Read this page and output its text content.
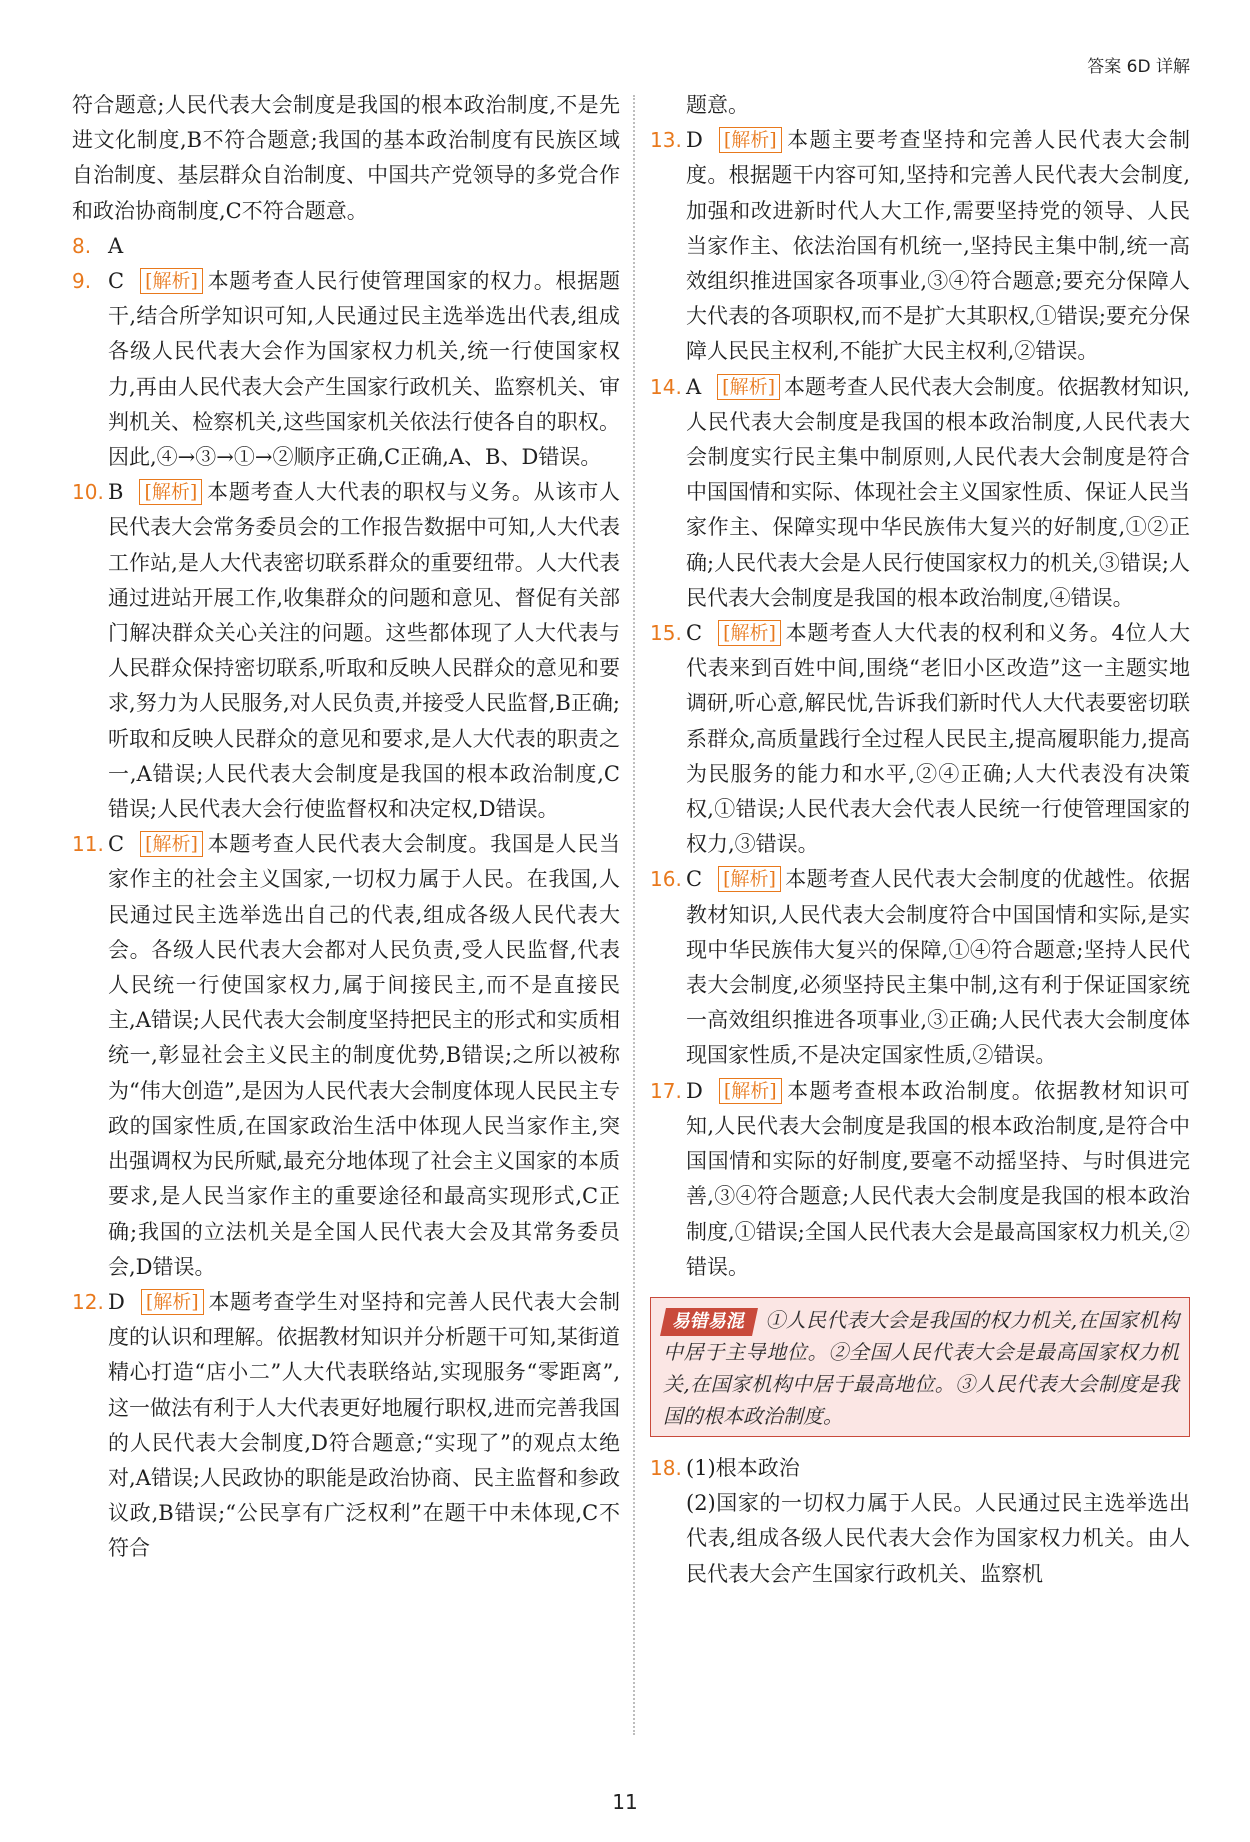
答案 6D 详解

符合题意;人民代表大会制度是我国的根本政治制度,不是先进文化制度,B不符合题意;我国的基本政治制度有民族区域自治制度、基层群众自治制度、中国共产党领导的多党合作和政治协商制度,C不符合题意。

8. A
9. C [解析] 本题考查人民行使管理国家的权力。根据题干,结合所学知识可知,人民通过民主选举选出代表,组成各级人民代表大会作为国家权力机关,统一行使国家权力,再由人民代表大会产生国家行政机关、监察机关、审判机关、检察机关,这些国家机关依法行使各自的职权。因此,④→③→①→②顺序正确,C正确,A、B、D错误。
10. B [解析] 本题考查人大代表的职权与义务。从该市人民代表大会常务委员会的工作报告数据中可知,人大代表工作站,是人大代表密切联系群众的重要纽带。人大代表通过进站开展工作,收集群众的问题和意见、督促有关部门解决群众关心关注的问题。这些都体现了人大代表与人民群众保持密切联系,听取和反映人民群众的意见和要求,努力为人民服务,对人民负责,并接受人民监督,B正确;听取和反映人民群众的意见和要求,是人大代表的职责之一,A错误;人民代表大会制度是我国的根本政治制度,C错误;人民代表大会行使监督权和决定权,D错误。
11. C [解析] 本题考查人民代表大会制度。我国是人民当家作主的社会主义国家,一切权力属于人民。在我国,人民通过民主选举选出自己的代表,组成各级人民代表大会。各级人民代表大会都对人民负责,受人民监督,代表人民统一行使国家权力,属于间接民主,而不是直接民主,A错误;人民代表大会制度坚持把民主的形式和实质相统一,彰显社会主义民主的制度优势,B错误;之所以被称为“伟大创造”,是因为人民代表大会制度体现人民民主专政的国家性质,在国家政治生活中体现人民当家作主,突出强调权为民所赋,最充分地体现了社会主义国家的本质要求,是人民当家作主的重要途径和最高实现形式,C正确;我国的立法机关是全国人民代表大会及其常务委员会,D错误。
12. D [解析] 本题考查学生对坚持和完善人民代表大会制度的认识和理解。依据教材知识并分析题干可知,某街道精心打造“店小二”人大代表联络站,实现服务“零距离”,这一做法有利于人大代表更好地履行职权,进而完善我国的人民代表大会制度,D符合题意;“实现了”的观点太绝对,A错误;人民政协的职能是政治协商、民主监督和参政议政,B错误;“公民享有广泛权利”在题干中未体现,C不符合

题意。

13. D [解析] 本题主要考查坚持和完善人民代表大会制度。根据题干内容可知,坚持和完善人民代表大会制度,加强和改进新时代人大工作,需要坚持党的领导、人民当家作主、依法治国有机统一,坚持民主集中制,统一高效组织推进国家各项事业,③④符合题意;要充分保障人大代表的各项职权,而不是扩大其职权,①错误;要充分保障人民民主权利,不能扩大民主权利,②错误。
14. A [解析] 本题考查人民代表大会制度。依据教材知识,人民代表大会制度是我国的根本政治制度,人民代表大会制度实行民主集中制原则,人民代表大会制度是符合中国国情和实际、体现社会主义国家性质、保证人民当家作主、保障实现中华民族伟大复兴的好制度,①②正确;人民代表大会是人民行使国家权力的机关,③错误;人民代表大会制度是我国的根本政治制度,④错误。
15. C [解析] 本题考查人大代表的权利和义务。4位人大代表来到百姓中间,围绕“老旧小区改造”这一主题实地调研,听心意,解民忧,告诉我们新时代人大代表要密切联系群众,高质量践行全过程人民民主,提高履职能力,提高为民服务的能力和水平,②④正确;人大代表没有决策权,①错误;人民代表大会代表人民统一行使管理国家的权力,③错误。
16. C [解析] 本题考查人民代表大会制度的优越性。依据教材知识,人民代表大会制度符合中国国情和实际,是实现中华民族伟大复兴的保障,①④符合题意;坚持人民代表大会制度,必须坚持民主集中制,这有利于保证国家统一高效组织推进各项事业,③正确;人民代表大会制度体现国家性质,不是决定国家性质,②错误。
17. D [解析] 本题考查根本政治制度。依据教材知识可知,人民代表大会制度是我国的根本政治制度,是符合中国国情和实际的好制度,要毫不动摇坚持、与时俱进完善,③④符合题意;人民代表大会制度是我国的根本政治制度,①错误;全国人民代表大会是最高国家权力机关,②错误。
易错易混 ①人民代表大会是我国的权力机关,在国家机构中居于主导地位。②全国人民代表大会是最高国家权力机关,在国家机构中居于最高地位。③人民代表大会制度是我国的根本政治制度。
18. (1)根本政治

(2)国家的一切权力属于人民。人民通过民主选举选出代表,组成各级人民代表大会作为国家权力机关。由人民代表大会产生国家行政机关、监察机

11
